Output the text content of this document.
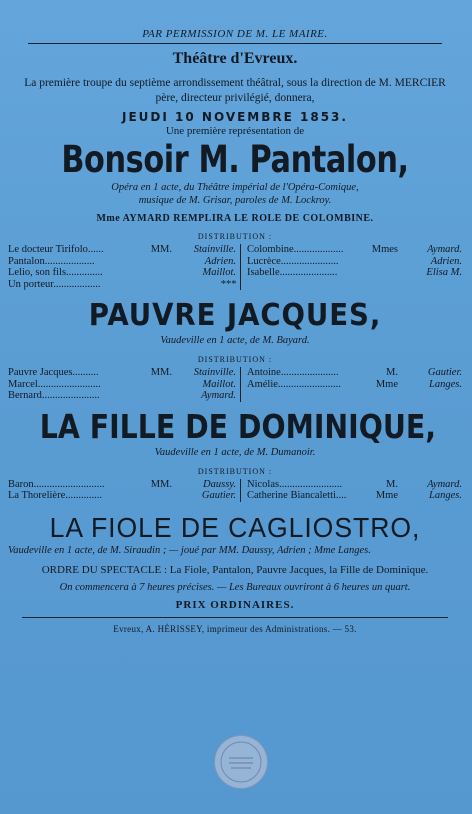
PAR PERMISSION DE M. LE MAIRE.
Théâtre d'Evreux.
La première troupe du septième arrondissement théâtral, sous la direction de M. MERCIER père, directeur privilégié, donnera,
JEUDI 10 NOVEMBRE 1853.
Une première représentation de
Bonsoir M. Pantalon,
Opéra en 1 acte, du Théâtre impérial de l'Opéra-Comique,
musique de M. Grisar, paroles de M. Lockroy.
Mme AYMARD REMPLIRA LE ROLE DE COLOMBINE.
DISTRIBUTION :
Le docteur Tirifolo......	MM.	Stainville.
Pantalon...................	Adrien.
Lelio, son fils..............	Maillot.
Un porteur..................	***
Colombine...................	Mmes	Aymard.
Lucrèce......................	Adrien.
Isabelle......................	Elisa M.
PAUVRE JACQUES,
Vaudeville en 1 acte, de M. Bayard.
DISTRIBUTION :
Pauvre Jacques..........	MM.	Stainville.
Marcel........................	Maillot.
Bernard......................	Aymard.
Antoine......................	M.	Gautier.
Amélie........................	Mme	Langes.
LA FILLE DE DOMINIQUE,
Vaudeville en 1 acte, de M. Dumanoir.
DISTRIBUTION :
Baron...........................	MM.	Daussy.
La Thorelière..............	Gautier.
Nicolas........................	M.	Aymard.
Catherine Biancaletti....	Mme	Langes.
LA FIOLE DE CAGLIOSTRO,
Vaudeville en 1 acte, de M. Siraudin ; — joué par MM. Daussy, Adrien ; Mme Langes.
ORDRE DU SPECTACLE : La Fiole, Pantalon, Pauvre Jacques, la Fille de Dominique.
On commencera à 7 heures précises. — Les Bureaux ouvriront à 6 heures un quart.
PRIX ORDINAIRES.
Evreux, A. HÉRISSEY, imprimeur des Administrations. — 53.
